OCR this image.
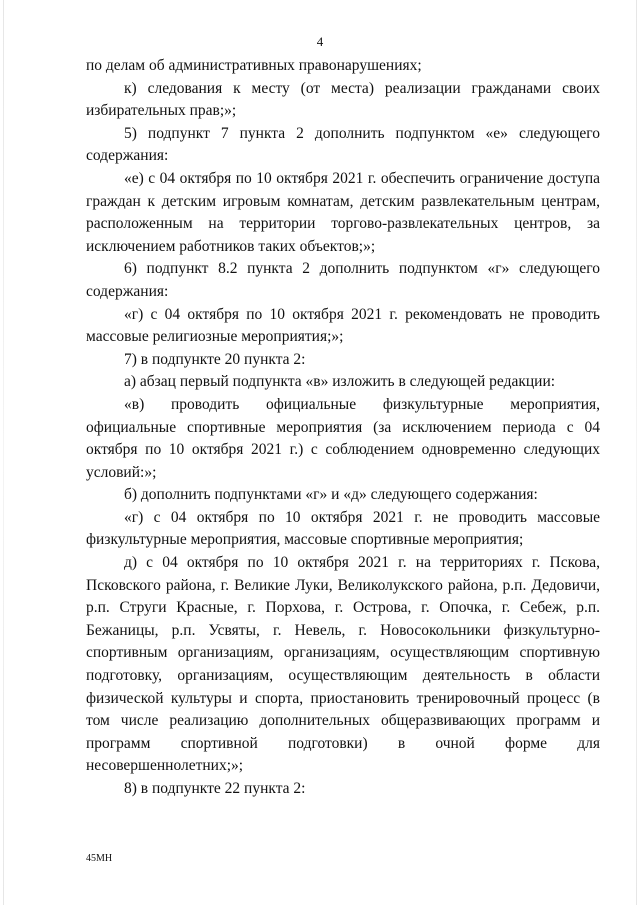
4

по делам об административных правонарушениях;

к) следования к месту (от места) реализации гражданами своих избирательных прав;»;

5) подпункт 7 пункта 2 дополнить подпунктом «е» следующего содержания:

«е) с 04 октября по 10 октября 2021 г. обеспечить ограничение доступа граждан к детским игровым комнатам, детским развлекательным центрам, расположенным на территории торгово-развлекательных центров, за исключением работников таких объектов;»;

6) подпункт 8.2 пункта 2 дополнить подпунктом «г» следующего содержания:

«г) с 04 октября по 10 октября 2021 г. рекомендовать не проводить массовые религиозные мероприятия;»;

7) в подпункте 20 пункта 2:

а) абзац первый подпункта «в» изложить в следующей редакции:

«в) проводить официальные физкультурные мероприятия, официальные спортивные мероприятия (за исключением периода с 04 октября по 10 октября 2021 г.) с соблюдением одновременно следующих условий:»;

б) дополнить подпунктами «г» и «д» следующего содержания:

«г) с 04 октября по 10 октября 2021 г. не проводить массовые физкультурные мероприятия, массовые спортивные мероприятия;

д) с 04 октября по 10 октября 2021 г. на территориях г. Пскова, Псковского района, г. Великие Луки, Великолукского района, р.п. Дедовичи, р.п. Струги Красные, г. Порхова, г. Острова, г. Опочка, г. Себеж, р.п. Бежаницы, р.п. Усвяты, г. Невель, г. Новосокольники физкультурно-спортивным организациям, организациям, осуществляющим спортивную подготовку, организациям, осуществляющим деятельность в области физической культуры и спорта, приостановить тренировочный процесс (в том числе реализацию дополнительных общеразвивающих программ и программ спортивной подготовки) в очной форме для несовершеннолетних;»;

8) в подпункте 22 пункта 2:

45МН
